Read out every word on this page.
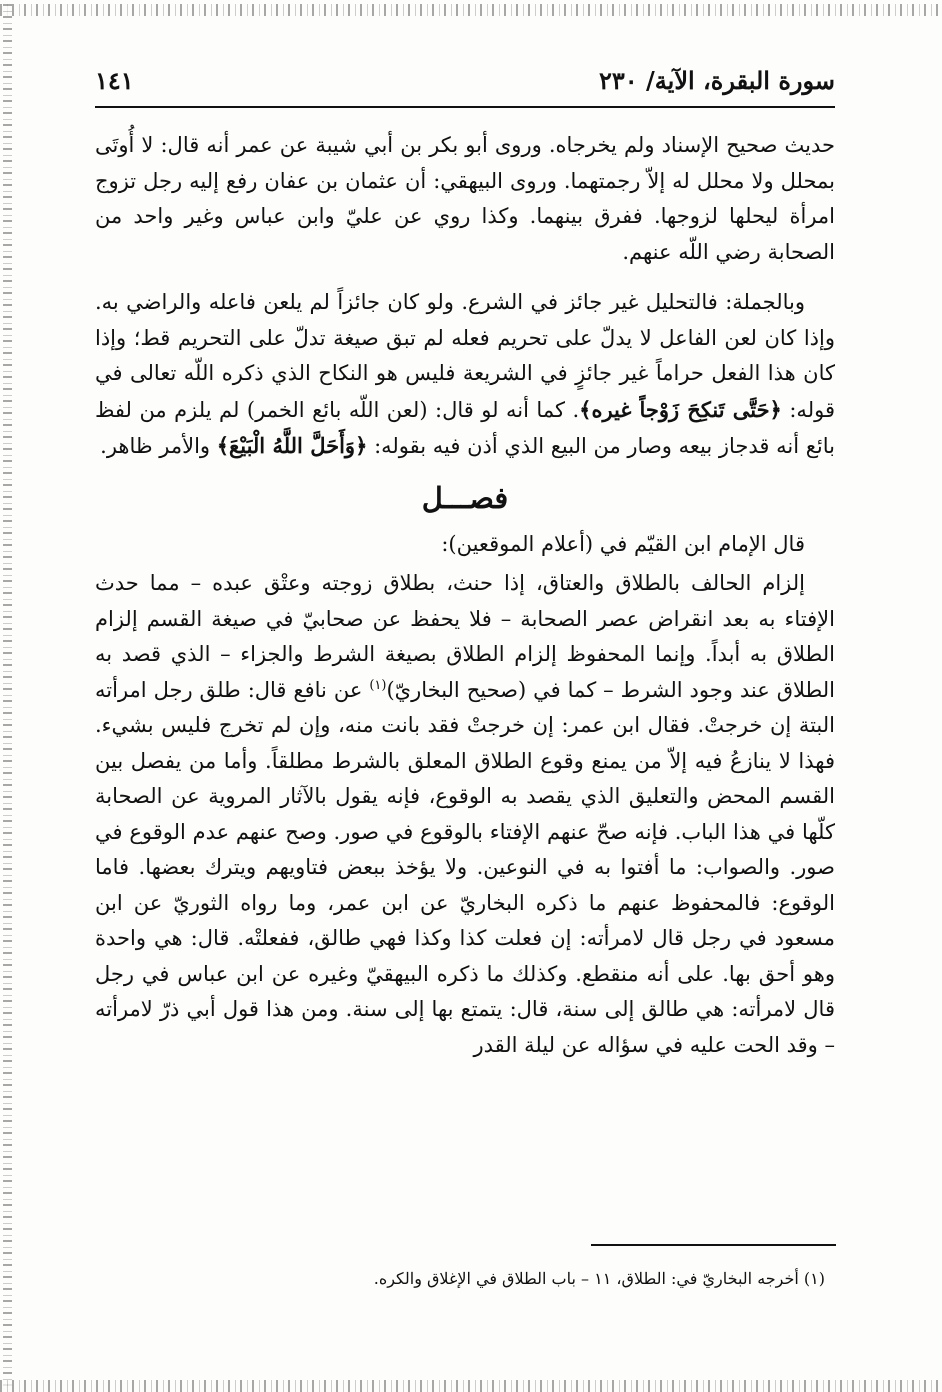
سورة البقرة، الآية/ ٢٣٠
١٤١

حديث صحيح الإسناد ولم يخرجاه. وروى أبو بكر بن أبي شيبة عن عمر أنه قال: لا أُوتَى بمحلل ولا محلل له إلاّ رجمتهما. وروى البيهقي: أن عثمان بن عفان رفع إليه رجل تزوج امرأة ليحلها لزوجها. ففرق بينهما. وكذا روي عن عليّ وابن عباس وغير واحد من الصحابة رضي اللّه عنهم.

وبالجملة: فالتحليل غير جائز في الشرع. ولو كان جائزاً لم يلعن فاعله والراضي به. وإذا كان لعن الفاعل لا يدلّ على تحريم فعله لم تبق صيغة تدلّ على التحريم قط؛ وإذا كان هذا الفعل حراماً غير جائزٍ في الشريعة فليس هو النكاح الذي ذكره اللّه تعالى في قوله: ﴿حَتَّى تَنكِحَ زَوْجاً غيره﴾. كما أنه لو قال: (لعن اللّه بائع الخمر) لم يلزم من لفظ بائع أنه قدجاز بيعه وصار من البيع الذي أذن فيه بقوله: ﴿وَأَحَلَّ اللَّهُ الْبَيْعَ﴾ والأمر ظاهر.

فصـــل

قال الإمام ابن القيّم في (أعلام الموقعين):

إلزام الحالف بالطلاق والعتاق، إذا حنث، بطلاق زوجته وعتْق عبده – مما حدث الإفتاء به بعد انقراض عصر الصحابة – فلا يحفظ عن صحابيّ في صيغة القسم إلزام الطلاق به أبداً. وإنما المحفوظ إلزام الطلاق بصيغة الشرط والجزاء – الذي قصد به الطلاق عند وجود الشرط – كما في (صحيح البخاريّ)$^{(١)}$ عن نافع قال: طلق رجل امرأته البتة إن خرجتْ. فقال ابن عمر: إن خرجتْ فقد بانت منه، وإن لم تخرج فليس بشيء. فهذا لا ينازعُ فيه إلاّ من يمنع وقوع الطلاق المعلق بالشرط مطلقاً. وأما من يفصل بين القسم المحض والتعليق الذي يقصد به الوقوع، فإنه يقول بالآثار المروية عن الصحابة كلّها في هذا الباب. فإنه صحّ عنهم الإفتاء بالوقوع في صور. وصح عنهم عدم الوقوع في صور. والصواب: ما أفتوا به في النوعين. ولا يؤخذ ببعض فتاويهم ويترك بعضها. فاما الوقوع: فالمحفوظ عنهم ما ذكره البخاريّ عن ابن عمر، وما رواه الثوريّ عن ابن مسعود في رجل قال لامرأته: إن فعلت كذا وكذا فهي طالق، ففعلتْه. قال: هي واحدة وهو أحق بها. على أنه منقطع. وكذلك ما ذكره البيهقيّ وغيره عن ابن عباس في رجل قال لامرأته: هي طالق إلى سنة، قال: يتمتع بها إلى سنة. ومن هذا قول أبي ذرّ لامرأته – وقد الحت عليه في سؤاله عن ليلة القدر

(١) أخرجه البخاريّ في: الطلاق، ١١ – باب الطلاق في الإغلاق والكره.
